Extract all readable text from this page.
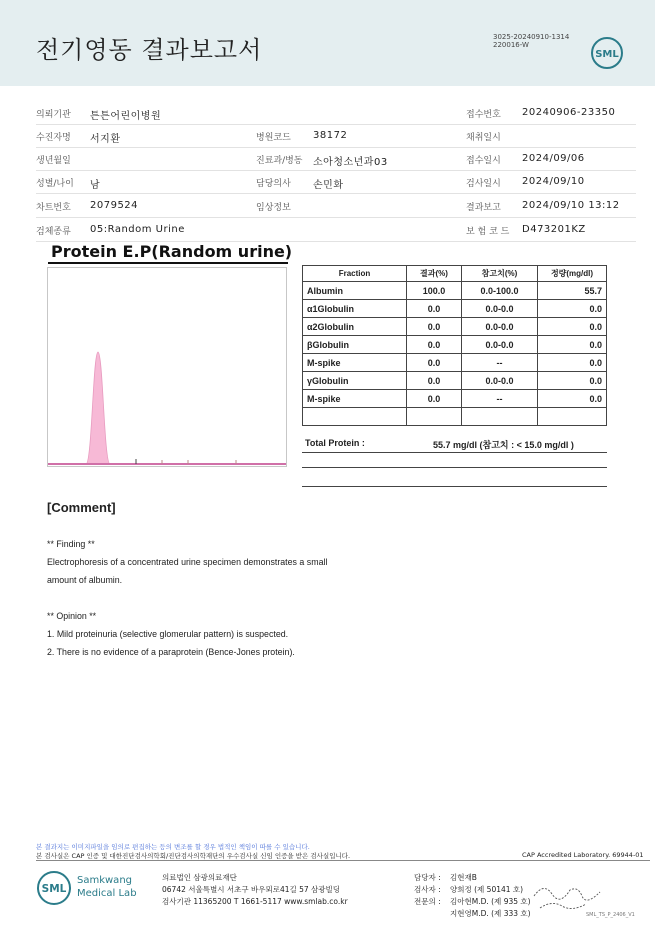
전기영동 결과보고서	3025-20240910-1314
220016-W
SML
의뢰기관 튼튼어린이병원	접수번호 20240906-23350
수진자명 서지환	병원코드 38172	채취일시
생년월일	진료과/병동 소아청소년과03	접수일시 2024/09/06
성별/나이 남	담당의사 손민화	검사일시 2024/09/10
차트번호 2079524	임상정보	결과보고 2024/09/10 13:12
검체종류 05:Random Urine	보 험 코 드 D473201KZ
Protein E.P(Random urine)
Fraction	결과(%)	참고치(%)	정량(mg/dl)
Albumin	100.0	0.0-100.0	55.7
α1Globulin	0.0	0.0-0.0	0.0
α2Globulin	0.0	0.0-0.0	0.0
βGlobulin	0.0	0.0-0.0	0.0
M-spike	0.0	--	0.0
γGlobulin	0.0	0.0-0.0	0.0
M-spike	0.0	--	0.0

Total Protein :	55.7 mg/dl (참고치 : < 15.0 mg/dl )
[Comment]
** Finding **
Electrophoresis of a concentrated urine specimen demonstrates a small
amount of albumin.
** Opinion **
1. Mild proteinuria (selective glomerular pattern) is suspected.
2. There is no evidence of a paraprotein (Bence-Jones protein).
본 결과지는 이미지파일을 임의로 편집하는 등의 변조를 할 경우 법적인 책임이 따를 수 있습니다.
본 검사실은 CAP 인증 및 대한진단검사의학회/진단검사의학재단의 우수검사실 신임 인증을 받은 검사실입니다.	CAP Accredited Laboratory. 69944-01
SML
Samkwang
Medical Lab
의료법인 삼광의료재단
06742 서울특별시 서초구 바우뫼로41길 57 삼광빌딩
검사기관 11365200 T 1661-5117 www.smlab.co.kr
담당자 : 김현재B
검사자 : 양희정 (제 50141 호)
전문의 : 김아현M.D. (제 935 호)
지현영M.D. (제 333 호)	SML_TS_P_2406_V1
